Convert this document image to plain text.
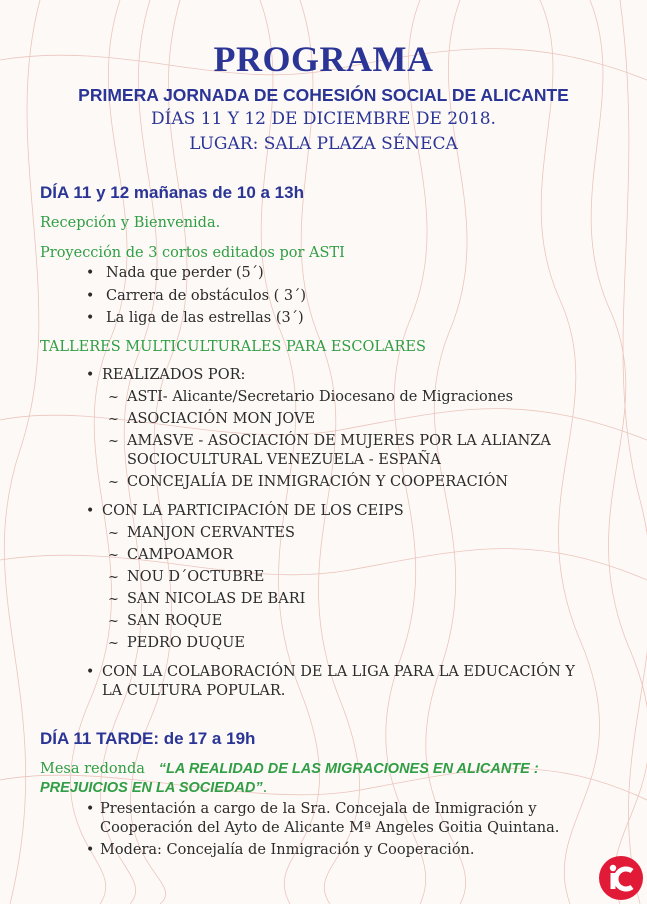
PROGRAMA
PRIMERA JORNADA DE COHESIÓN SOCIAL DE ALICANTE
DÍAS 11 Y 12 DE DICIEMBRE DE 2018.
LUGAR: SALA PLAZA SÉNECA
DÍA 11 y 12 mañanas de 10 a 13h
Recepción y Bienvenida.
Proyección de 3 cortos editados por ASTI
• Nada que perder (5´)
• Carrera de obstáculos ( 3´)
• La liga de las estrellas (3´)
TALLERES MULTICULTURALES PARA ESCOLARES
• REALIZADOS POR:
~ ASTI- Alicante/Secretario Diocesano de Migraciones
~ ASOCIACIÓN MON JOVE
~ AMASVE - ASOCIACIÓN DE MUJERES POR LA ALIANZA
SOCIOCULTURAL VENEZUELA - ESPAÑA
~ CONCEJALÍA DE INMIGRACIÓN Y COOPERACIÓN
• CON LA PARTICIPACIÓN DE LOS CEIPS
~ MANJON CERVANTES
~ CAMPOAMOR
~ NOU D´OCTUBRE
~ SAN NICOLAS DE BARI
~ SAN ROQUE
~ PEDRO DUQUE
• CON LA COLABORACIÓN DE LA LIGA PARA LA EDUCACIÓN Y
LA CULTURA POPULAR.
DÍA 11 TARDE: de 17 a 19h
Mesa redonda “LA REALIDAD DE LAS MIGRACIONES EN ALICANTE :
PREJUICIOS EN LA SOCIEDAD”.
• Presentación a cargo de la Sra. Concejala de Inmigración y
Cooperación del Ayto de Alicante Mª Angeles Goitia Quintana.
• Modera: Concejalía de Inmigración y Cooperación.
